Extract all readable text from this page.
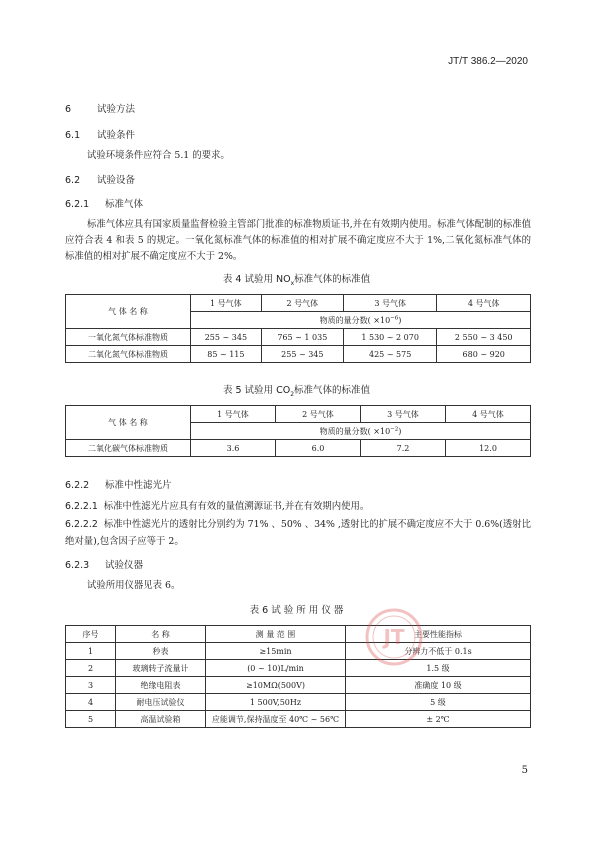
JT/T 386.2—2020
6	试验方法
6.1 试验条件
试验环境条件应符合 5.1 的要求。
6.2 试验设备
6.2.1 标准气体
标准气体应具有国家质量监督检验主管部门批准的标准物质证书,并在有效期内使用。标准气体配制的标准值应符合表 4 和表 5 的规定。一氧化氮标准气体的标准值的相对扩展不确定度应不大于 1%,二氧化氮标准气体的标准值的相对扩展不确定度应不大于 2%。
表 4 试验用 $NO_x$标准气体的标准值
气 体 名 称	1 号气体	2 号气体	3 号气体	4 号气体
	物质的量分数( $\times 10^{-6}$)			
一氧化氮气体标准物质	255 ~ 345	765 ~ 1 035	1 530 ~ 2 070	2 550 ~ 3 450
二氧化氮气体标准物质	85 ~ 115	255 ~ 345	425 ~ 575	680 ~ 920
表 5 试验用 $CO_2$标准气体的标准值
气 体 名 称	1 号气体	2 号气体	3 号气体	4 号气体
	物质的量分数( $\times 10^{-2}$)			
二氧化碳气体标准物质	3.6	6.0	7.2	12.0
6.2.2 标准中性滤光片
6.2.2.1 标准中性滤光片应具有有效的量值溯源证书,并在有效期内使用。
6.2.2.2 标准中性滤光片的透射比分别约为 71% 、50% 、34% ,透射比的扩展不确定度应不大于 0.6%(透射比绝对量),包含因子应等于 2。
6.2.3 试验仪器
试验所用仪器见表 6。
表 6 试 验 所 用 仪 器
序号	名 称	测 量 范 围	主要性能指标
1	秒表	≥15min	分辨力不低于 0.1s
2	玻璃转子流量计	(0 ~ 10)L/min	1.5 级
3	绝缘电阻表	≥10MΩ(500V)	准确度 10 级
4	耐电压试验仪	1 500V,50Hz	5 级
5	高温试验箱	应能调节,保持温度至 40℃ ~ 56℃	± 2℃
JT
5
